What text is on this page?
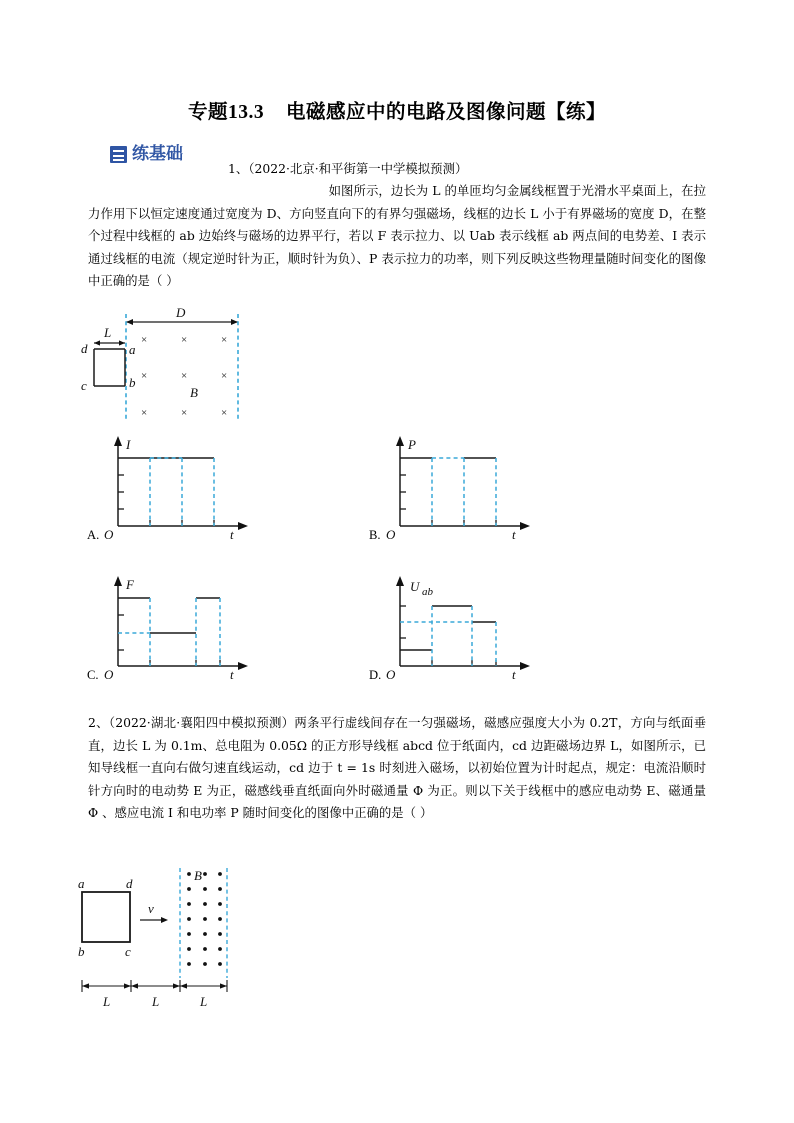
专题13.3 电磁感应中的电路及图像问题【练】
练基础
1、（2022·北京·和平街第一中学模拟预测）
如图所示，边长为 L 的单匝均匀金属线框置于光滑水平桌面上，在拉力作用下以恒定速度通过宽度为 D、方向竖直向下的有界匀强磁场，线框的边长 L 小于有界磁场的宽度 D，在整个过程中线框的 ab 边始终与磁场的边界平行，若以 F 表示拉力、以 Uab 表示线框 ab 两点间的电势差、I 表示通过线框的电流（规定逆时针为正，顺时针为负）、P 表示拉力的功率，则下列反映这些物理量随时间变化的图像中正确的是（ ）
D
×	×	×
×	×	×
×	×	×
B
L
d	a
b
c
I
t
O
A.
P
t
O
B.
F
t
O
C.
U ab
t
O
D.
2、（2022·湖北·襄阳四中模拟预测）两条平行虚线间存在一匀强磁场，磁感应强度大小为 0.2T，方向与纸面垂直，边长 L 为 0.1m、总电阻为 0.05Ω 的正方形导线框 abcd 位于纸面内，cd 边距磁场边界 L，如图所示，已知导线框一直向右做匀速直线运动，cd 边于 t = 1s 时刻进入磁场，以初始位置为计时起点，规定：电流沿顺时针方向时的电动势 E 为正，磁感线垂直纸面向外时磁通量 Φ 为正。则以下关于线框中的感应电动势 E、磁通量 Φ 、感应电流 I 和电功率 P 随时间变化的图像中正确的是（ ）
B
a	d
b	c
v
L	L	L
